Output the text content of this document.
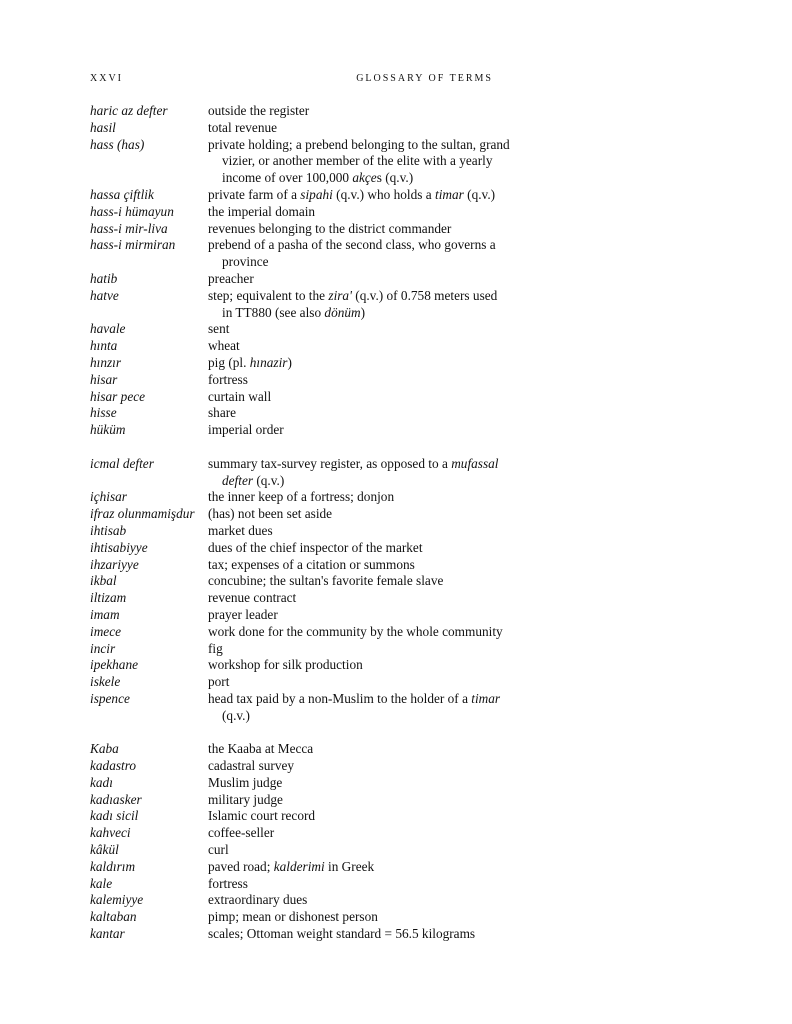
XXVI	GLOSSARY OF TERMS
haric az defter	outside the register
hasil	total revenue
hass (has)	private holding; a prebend belonging to the sultan, grand vizier, or another member of the elite with a yearly income of over 100,000 akçes (q.v.)
hassa çiftlik	private farm of a sipahi (q.v.) who holds a timar (q.v.)
hass-i hümayun	the imperial domain
hass-i mir-liva	revenues belonging to the district commander
hass-i mirmiran	prebend of a pasha of the second class, who governs a province
hatib	preacher
hatve	step; equivalent to the zira' (q.v.) of 0.758 meters used in TT880 (see also dönüm)
havale	sent
hınta	wheat
hınzır	pig (pl. hınazir)
hisar	fortress
hisar pece	curtain wall
hisse	share
hüküm	imperial order
icmal defter	summary tax-survey register, as opposed to a mufassal defter (q.v.)
içhisar	the inner keep of a fortress; donjon
ifraz olunmamişdur	(has) not been set aside
ihtisab	market dues
ihtisabiyye	dues of the chief inspector of the market
ihzariyye	tax; expenses of a citation or summons
ikbal	concubine; the sultan's favorite female slave
iltizam	revenue contract
imam	prayer leader
imece	work done for the community by the whole community
incir	fig
ipekhane	workshop for silk production
iskele	port
ispence	head tax paid by a non-Muslim to the holder of a timar (q.v.)
Kaba	the Kaaba at Mecca
kadastro	cadastral survey
kadı	Muslim judge
kadıasker	military judge
kadı sicil	Islamic court record
kahveci	coffee-seller
kâkül	curl
kaldırım	paved road; kalderimi in Greek
kale	fortress
kalemiyye	extraordinary dues
kaltaban	pimp; mean or dishonest person
kantar	scales; Ottoman weight standard = 56.5 kilograms
